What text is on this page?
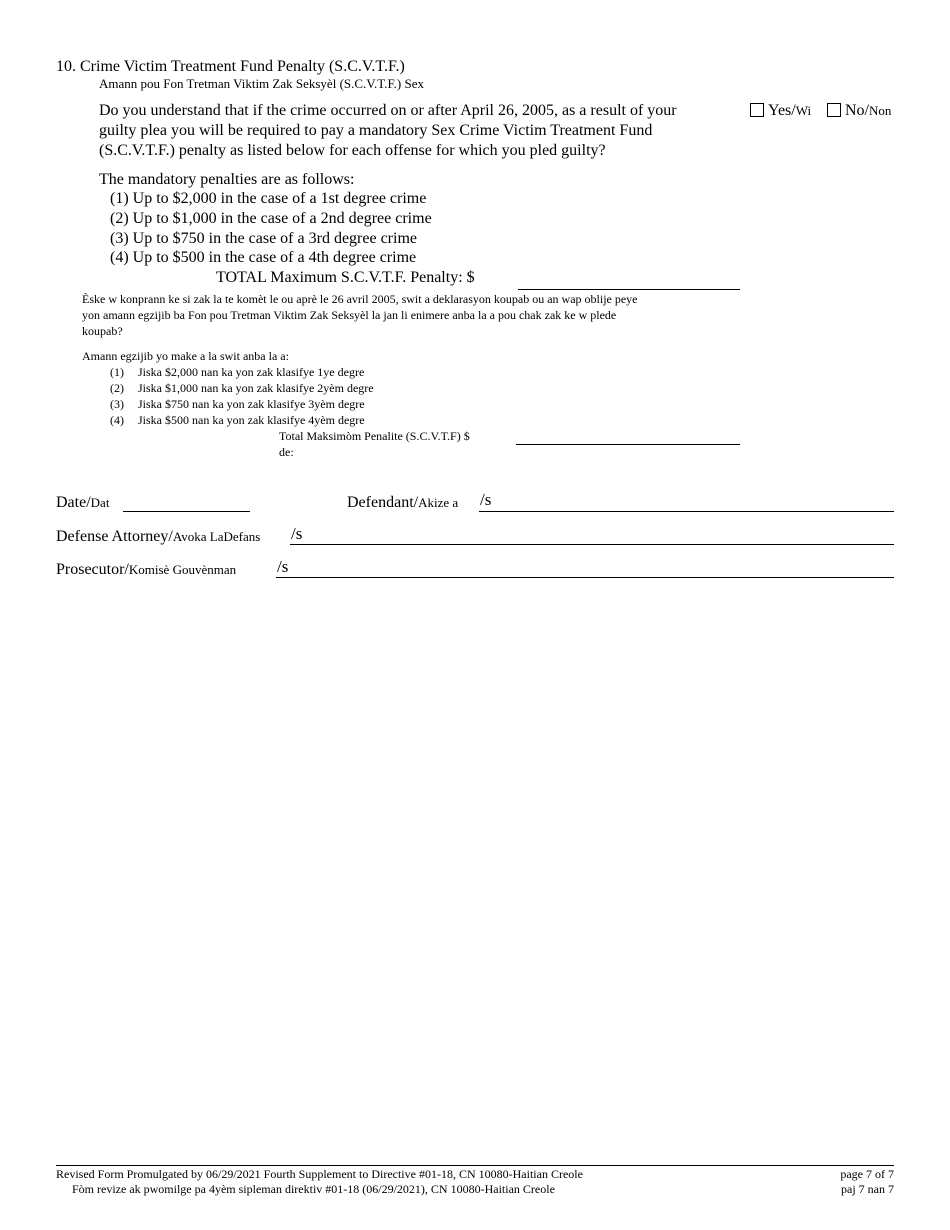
10. Crime Victim Treatment Fund Penalty (S.C.V.T.F.)
Amann pou Fon Tretman Viktim Zak Seksyèl (S.C.V.T.F.) Sex
Do you understand that if the crime occurred on or after April 26, 2005, as a result of your
guilty plea you will be required to pay a mandatory Sex Crime Victim Treatment Fund
(S.C.V.T.F.) penalty as listed below for each offense for which you pled guilty?
Yes/Wi	No/Non
The mandatory penalties are as follows:
(1) Up to $2,000 in the case of a 1st degree crime
(2) Up to $1,000 in the case of a 2nd degree crime
(3) Up to $750 in the case of a 3rd degree crime
(4) Up to $500 in the case of a 4th degree crime
TOTAL Maximum S.C.V.T.F. Penalty: $
Èske w konprann ke si zak la te komèt le ou aprè le 26 avril 2005, swit a deklarasyon koupab ou an wap oblije peye
yon amann egzijib ba Fon pou Tretman Viktim Zak Seksyèl la jan li enimere anba la a pou chak zak ke w plede
koupab?
Amann egzijib yo make a la swit anba la a:
(1) Jiska $2,000 nan ka yon zak klasifye 1ye degre
(2) Jiska $1,000 nan ka yon zak klasifye 2yèm degre
(3) Jiska $750 nan ka yon zak klasifye 3yèm degre
(4) Jiska $500 nan ka yon zak klasifye 4yèm degre
Total Maksimòm Penalite (S.C.V.T.F) $
de:
Date/Dat	Defendant/Akize a /s
Defense Attorney/Avoka LaDefans /s
Prosecutor/Komisè Gouvènman /s
Revised Form Promulgated by 06/29/2021 Fourth Supplement to Directive #01-18, CN 10080-Haitian Creole
Fòm revize ak pwomilge pa 4yèm sipleman direktiv #01-18 (06/29/2021), CN 10080-Haitian Creole
page 7 of 7
paj 7 nan 7
